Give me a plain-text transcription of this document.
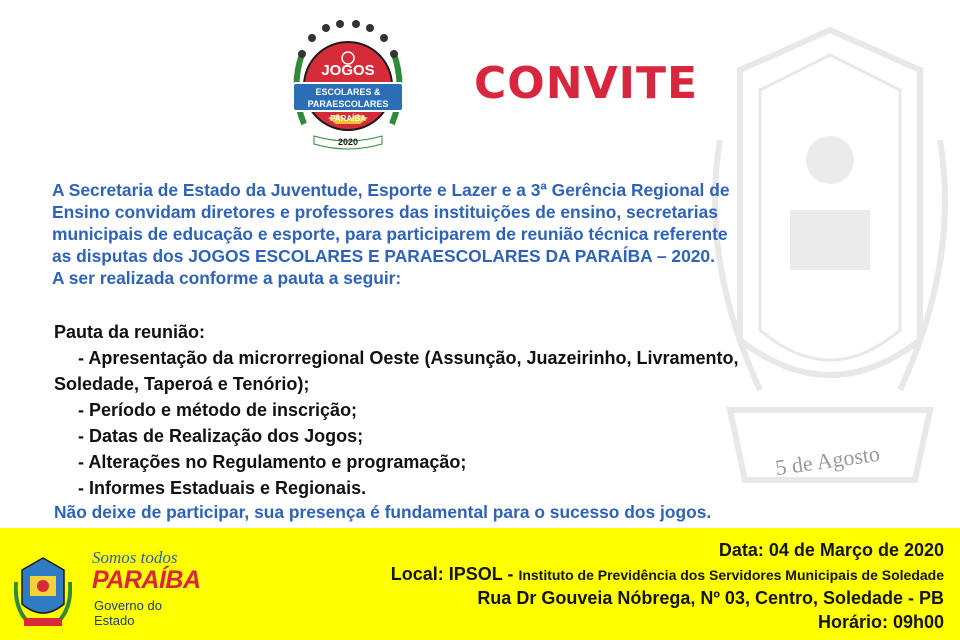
5 de Agosto
JOGOS
ESCOLARES &
PARAESCOLARES
PARAÍBA
2020
CONVITE

A Secretaria de Estado da Juventude, Esporte e Lazer e a 3ª Gerência Regional de

Ensino convidam diretores e professores das instituições de ensino, secretarias

municipais de educação e esporte, para participarem de reunião técnica referente

as disputas dos JOGOS ESCOLARES E PARAESCOLARES DA PARAÍBA – 2020.

A ser realizada conforme a pauta a seguir:

Pauta da reunião:
- Apresentação da microrregional Oeste (Assunção, Juazeirinho, Livramento,
Soledade, Taperoá e Tenório);
- Período e método de inscrição;
- Datas de Realização dos Jogos;
- Alterações no Regulamento e programação;
- Informes Estaduais e Regionais.
Não deixe de participar, sua presença é fundamental para o sucesso dos jogos.
Somos todos
PARAÍBA
Governo do Estado
Data: 04 de Março de 2020
Local: IPSOL - Instituto de Previdência dos Servidores Municipais de Soledade
Rua Dr Gouveia Nóbrega, Nº 03, Centro, Soledade - PB
Horário: 09h00
